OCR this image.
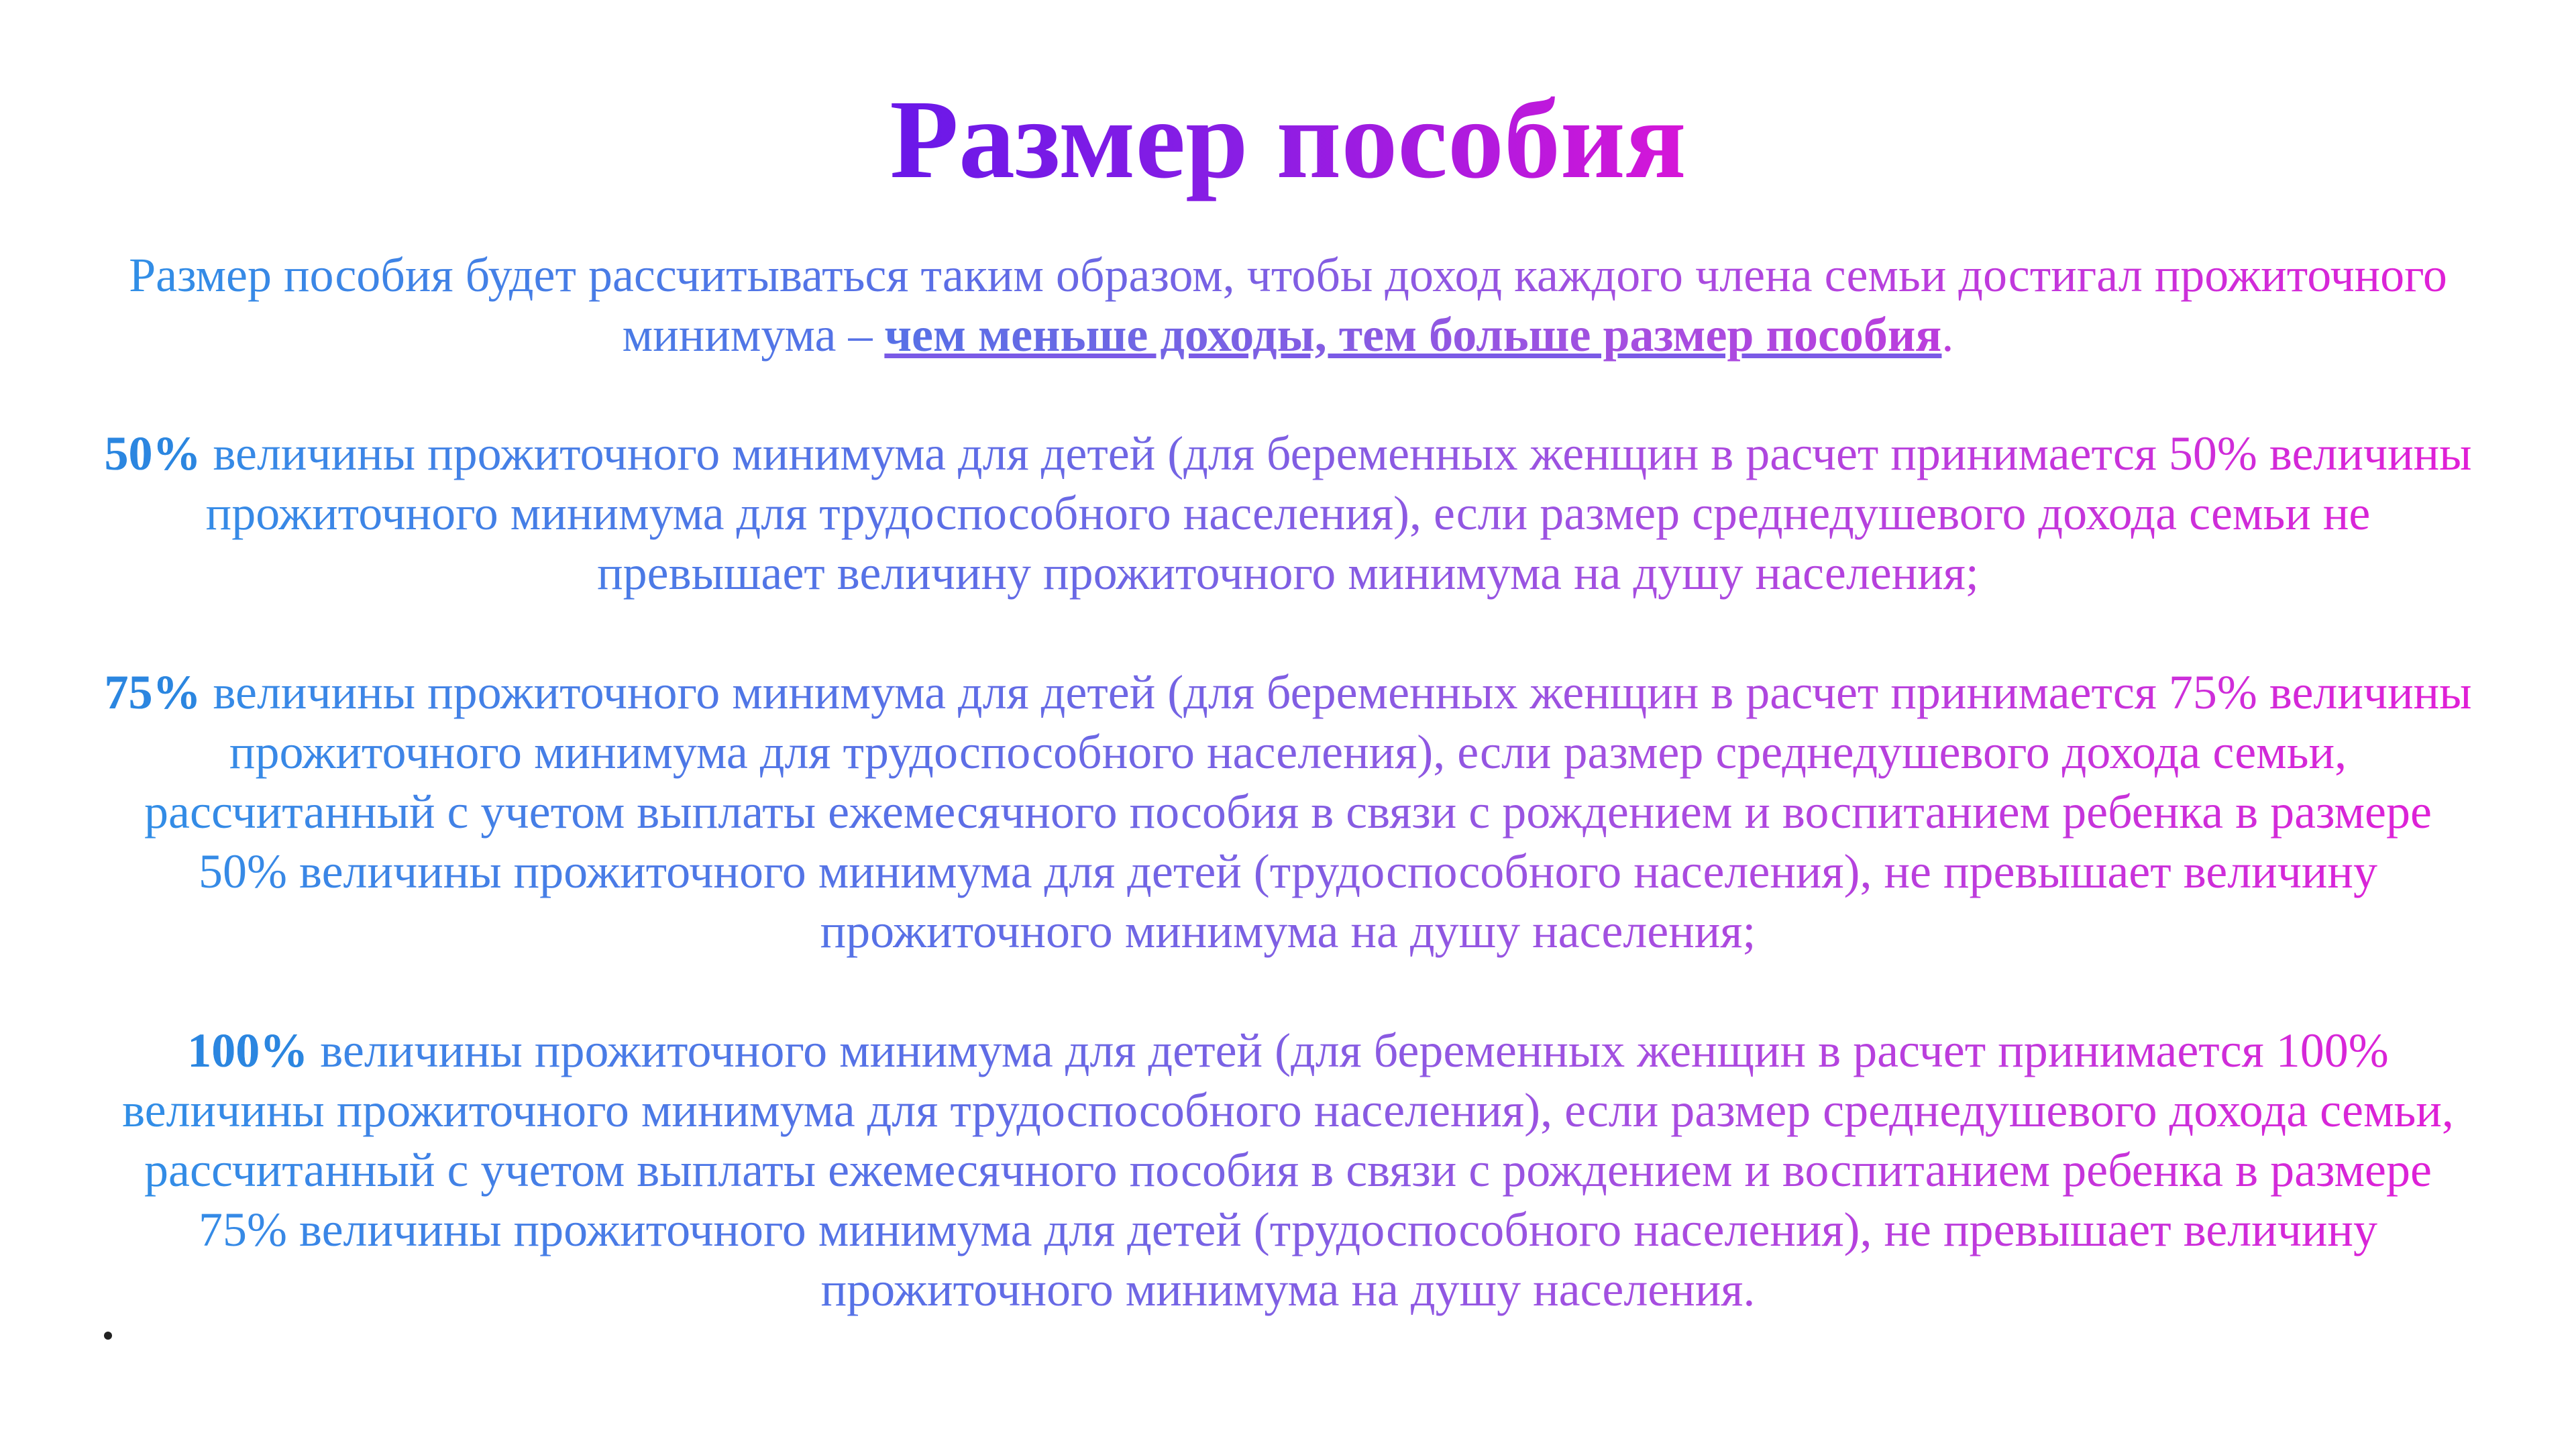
Размер пособия
Размер пособия будет рассчитываться таким образом, чтобы доход каждого члена семьи достигал прожиточного минимума – чем меньше доходы, тем больше размер пособия.
50% величины прожиточного минимума для детей (для беременных женщин в расчет принимается 50% величины прожиточного минимума для трудоспособного населения), если размер среднедушевого дохода семьи не превышает величину прожиточного минимума на душу населения;
75% величины прожиточного минимума для детей (для беременных женщин в расчет принимается 75% величины прожиточного минимума для трудоспособного населения), если размер среднедушевого дохода семьи, рассчитанный с учетом выплаты ежемесячного пособия в связи с рождением и воспитанием ребенка в размере 50% величины прожиточного минимума для детей (трудоспособного населения), не превышает величину прожиточного минимума на душу населения;
100% величины прожиточного минимума для детей (для беременных женщин в расчет принимается 100% величины прожиточного минимума для трудоспособного населения), если размер среднедушевого дохода семьи, рассчитанный с учетом выплаты ежемесячного пособия в связи с рождением и воспитанием ребенка в размере 75% величины прожиточного минимума для детей (трудоспособного населения), не превышает величину прожиточного минимума на душу населения.
